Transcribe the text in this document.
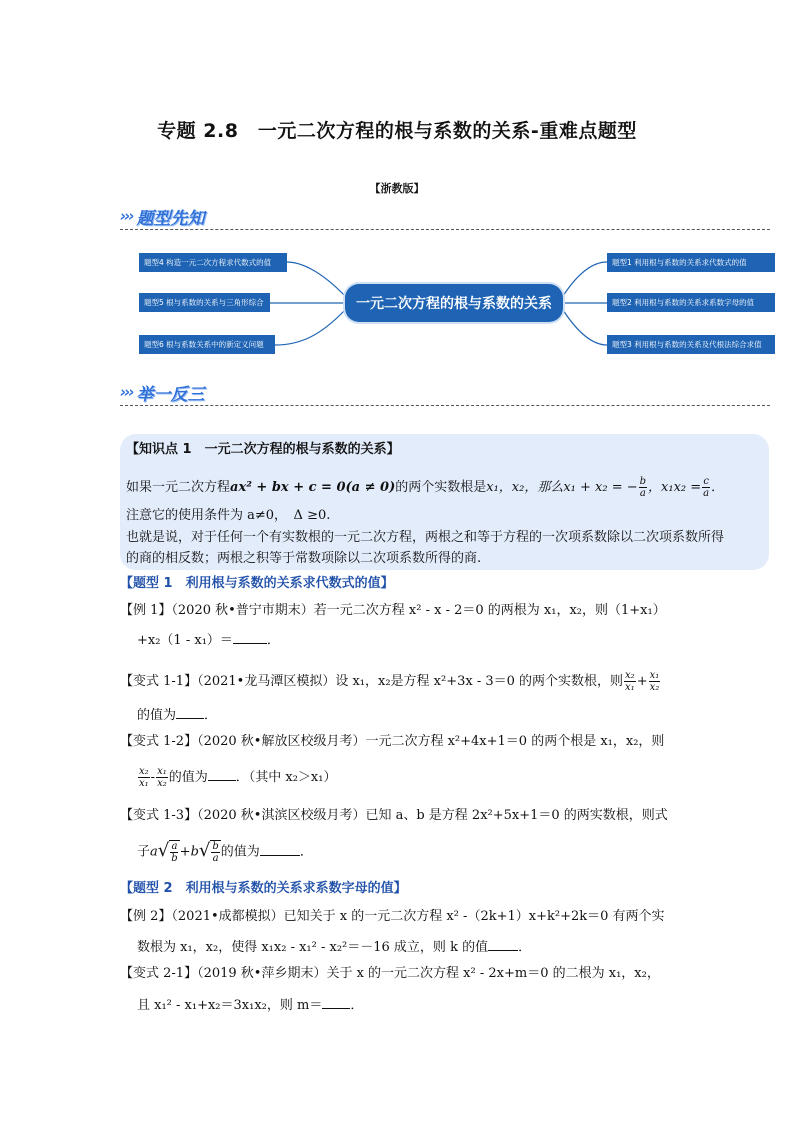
专题 2.8　一元二次方程的根与系数的关系-重难点题型
【浙教版】
››› 题型先知
一元二次方程的根与系数的关系
题型4 构造一元二次方程求代数式的值
题型5 根与系数的关系与三角形综合
题型6 根与系数关系中的新定义问题
题型1 利用根与系数的关系求代数式的值
题型2 利用根与系数的关系求系数字母的值
题型3 利用根与系数的关系及代根法综合求值
››› 举一反三
【知识点 1　一元二次方程的根与系数的关系】
如果一元二次方程ax² + bx + c = 0(a ≠ 0)的两个实数根是x₁，x₂，那么x₁ + x₂ = − $\frac{b}{a}$ ，$x_1x_2 = \frac{c}{a}$ ．
注意它的使用条件为 a≠0，　Δ ≥0.
也就是说，对于任何一个有实数根的一元二次方程，两根之和等于方程的一次项系数除以二次项系数所得
的商的相反数；两根之积等于常数项除以二次项系数所得的商.
【题型 1　利用根与系数的关系求代数式的值】
【例 1】（2020 秋•普宁市期末）若一元二次方程 x² - x - 2＝0 的两根为 x₁，x₂，则（1+x₁）
+x₂（1 - x₁）＝	．
【变式 1-1】（2021•龙马潭区模拟）设 x₁，x₂是方程 x²+3x - 3＝0 的两个实数根，则 $\frac{\text{x₂}}{\text{x₁}} + \frac{\text{x₁}}{\text{x₂}}$
的值为 ．
【变式 1-2】（2020 秋•解放区校级月考）一元二次方程 x²+4x+1＝0 的两个根是 x₁，x₂，则
$\frac{\text{x₂}}{\text{x₁}} - \frac{\text{x₁}}{\text{x₂}}$ 的值为 ．（其中 x₂＞x₁）
【变式 1-3】（2020 秋•淇滨区校级月考）已知 a、b 是方程 2x²+5x+1＝0 的两实数根，则式
子a √ $\frac{a}{b} +b$ √ $\frac{b}{a}$ 的值为	．
【题型 2　利用根与系数的关系求系数字母的值】
【例 2】（2021•成都模拟）已知关于 x 的一元二次方程 x² -（2k+1）x+k²+2k＝0 有两个实
数根为 x₁，x₂，使得 x₁x₂ - x₁² - x₂²＝－16 成立，则 k 的值 ．
【变式 2-1】（2019 秋•萍乡期末）关于 x 的一元二次方程 x² - 2x+m＝0 的二根为 x₁，x₂，
且 x₁² - x₁+x₂＝3x₁x₂，则 m＝ ．
